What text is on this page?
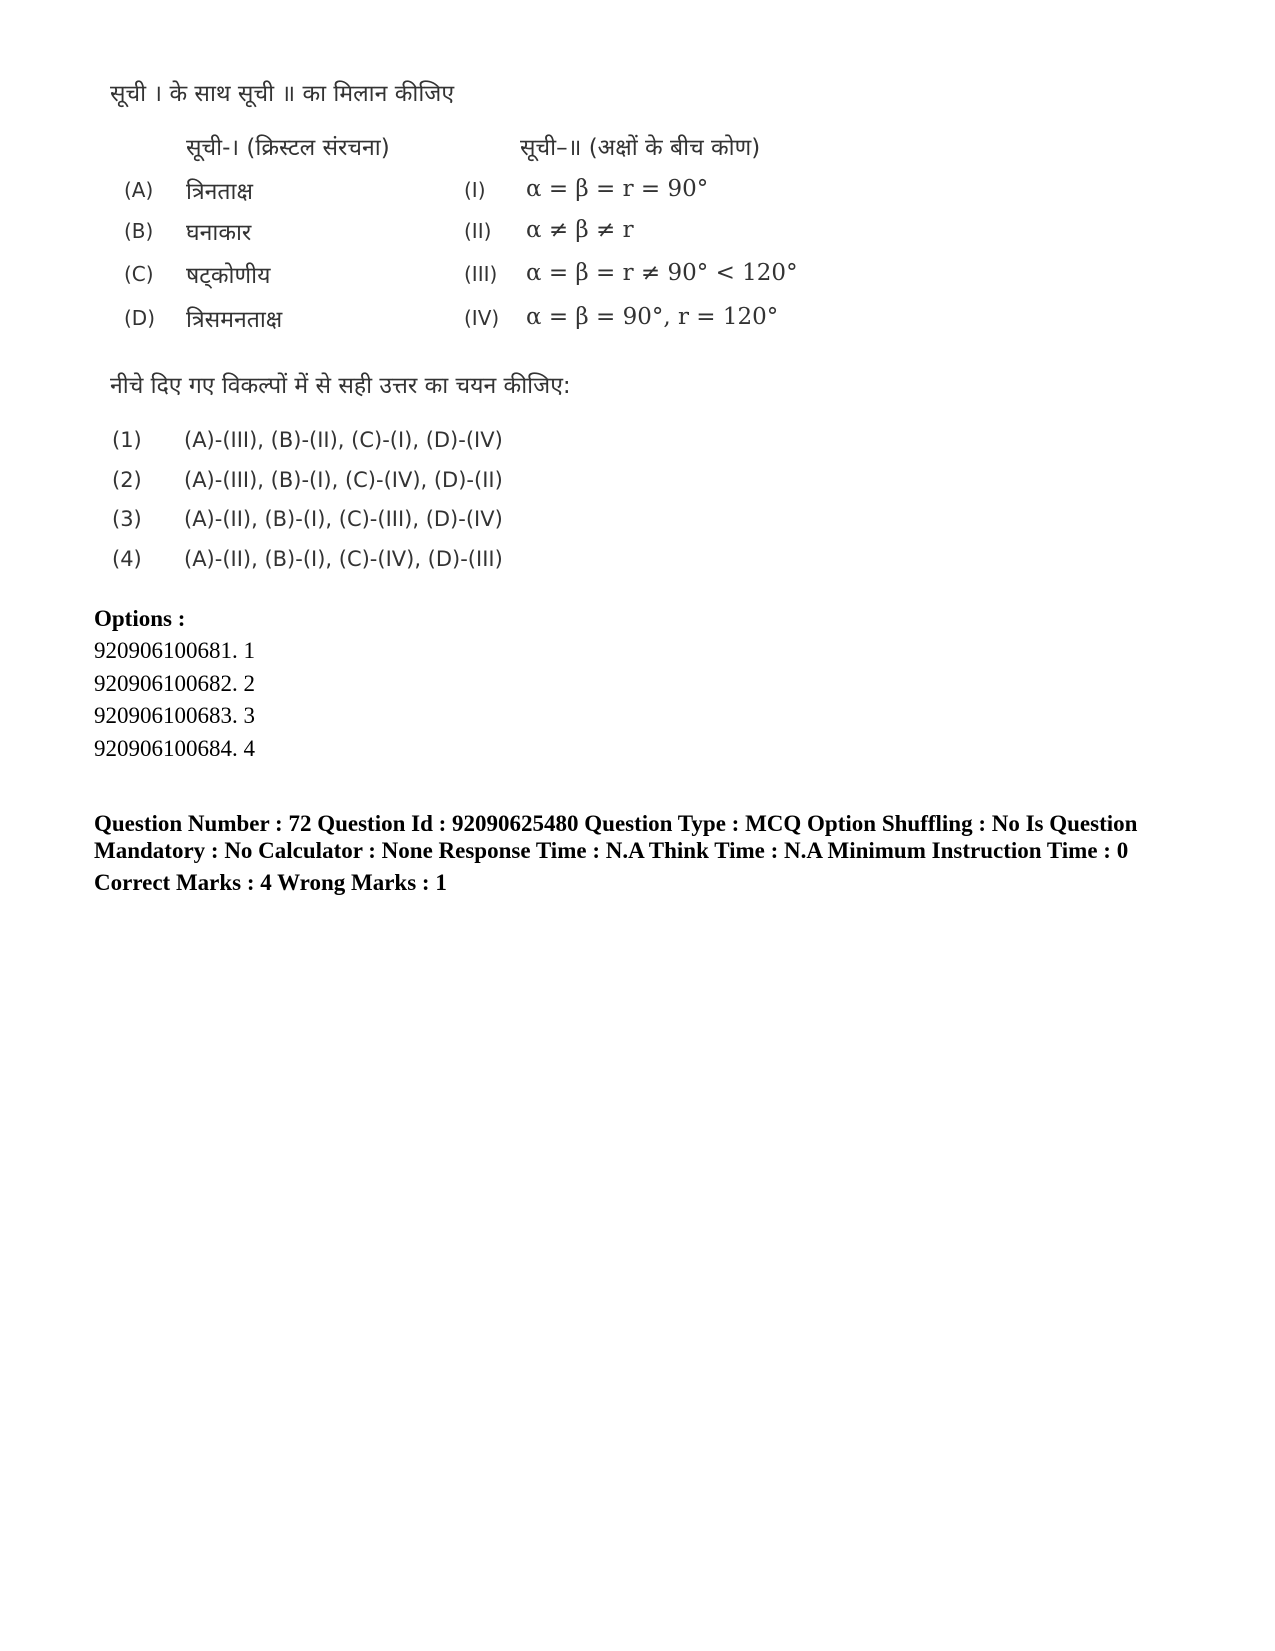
सूची । के साथ सूची ॥ का मिलान कीजिए
सूची-। (क्रिस्टल संरचना)	सूची–॥ (अक्षों के बीच कोण)
(A) त्रिनताक्ष	(I) α = β = r = 90°
(B) घनाकार	(II) α ≠ β ≠ r
(C) षट्कोणीय	(III) α = β = r ≠ 90° < 120°
(D) त्रिसमनताक्ष	(IV) α = β = 90°, r = 120°
नीचे दिए गए विकल्पों में से सही उत्तर का चयन कीजिए:
(1) (A)-(III), (B)-(II), (C)-(I), (D)-(IV)
(2) (A)-(III), (B)-(I), (C)-(IV), (D)-(II)
(3) (A)-(II), (B)-(I), (C)-(III), (D)-(IV)
(4) (A)-(II), (B)-(I), (C)-(IV), (D)-(III)
Options :
920906100681. 1
920906100682. 2
920906100683. 3
920906100684. 4
Question Number : 72 Question Id : 92090625480 Question Type : MCQ Option Shuffling : No Is Question Mandatory : No Calculator : None Response Time : N.A Think Time : N.A Minimum Instruction Time : 0
Correct Marks : 4 Wrong Marks : 1
